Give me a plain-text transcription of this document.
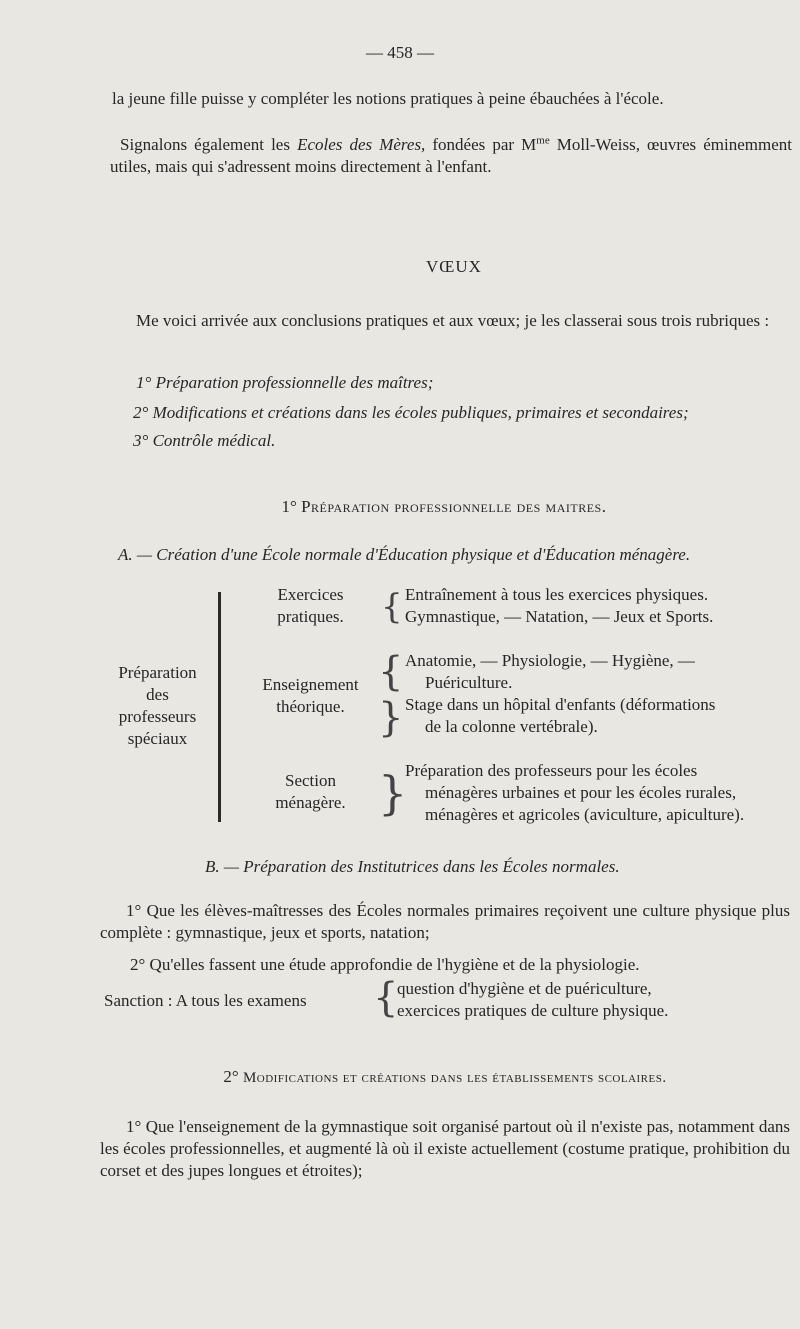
— 458 —

la jeune fille puisse y compléter les notions pratiques à peine ébauchées à l'école.

Signalons également les Ecoles des Mères, fondées par $M^{me}$ Moll-Weiss, œuvres éminemment utiles, mais qui s'adressent moins directement à l'enfant.

VŒUX

Me voici arrivée aux conclusions pratiques et aux vœux; je les classerai sous trois rubriques :

1° Préparation professionnelle des maîtres;
2° Modifications et créations dans les écoles publiques, primaires et secondaires;
3° Contrôle médical.
1° Préparation professionnelle des maitres.
A. — Création d'une École normale d'Éducation physique et d'Éducation ménagère.
Préparation
des
professeurs
spéciaux
Exercices
pratiques.	{ Entraînement à tous les exercices physiques.
Gymnastique, — Natation, — Jeux et Sports.
Enseignement
théorique.
{
}
Anatomie, — Physiologie, — Hygiène, —
Puériculture.
Stage dans un hôpital d'enfants (déformations
de la colonne vertébrale).
Section
ménagère. }
Préparation des professeurs pour les écoles
ménagères urbaines et pour les écoles rurales,
ménagères et agricoles (aviculture, apiculture).
B. — Préparation des Institutrices dans les Écoles normales.

1° Que les élèves-maîtresses des Écoles normales primaires reçoivent une culture physique plus complète : gymnastique, jeux et sports, natation;

2° Qu'elles fassent une étude approfondie de l'hygiène et de la physiologie.

Sanction : A tous les examens {
question d'hygiène et de puériculture,
exercices pratiques de culture physique.
2° Modifications et créations dans les établissements scolaires.

1° Que l'enseignement de la gymnastique soit organisé partout où il n'existe pas, notamment dans les écoles professionnelles, et augmenté là où il existe actuellement (costume pratique, prohibition du corset et des jupes longues et étroites);
